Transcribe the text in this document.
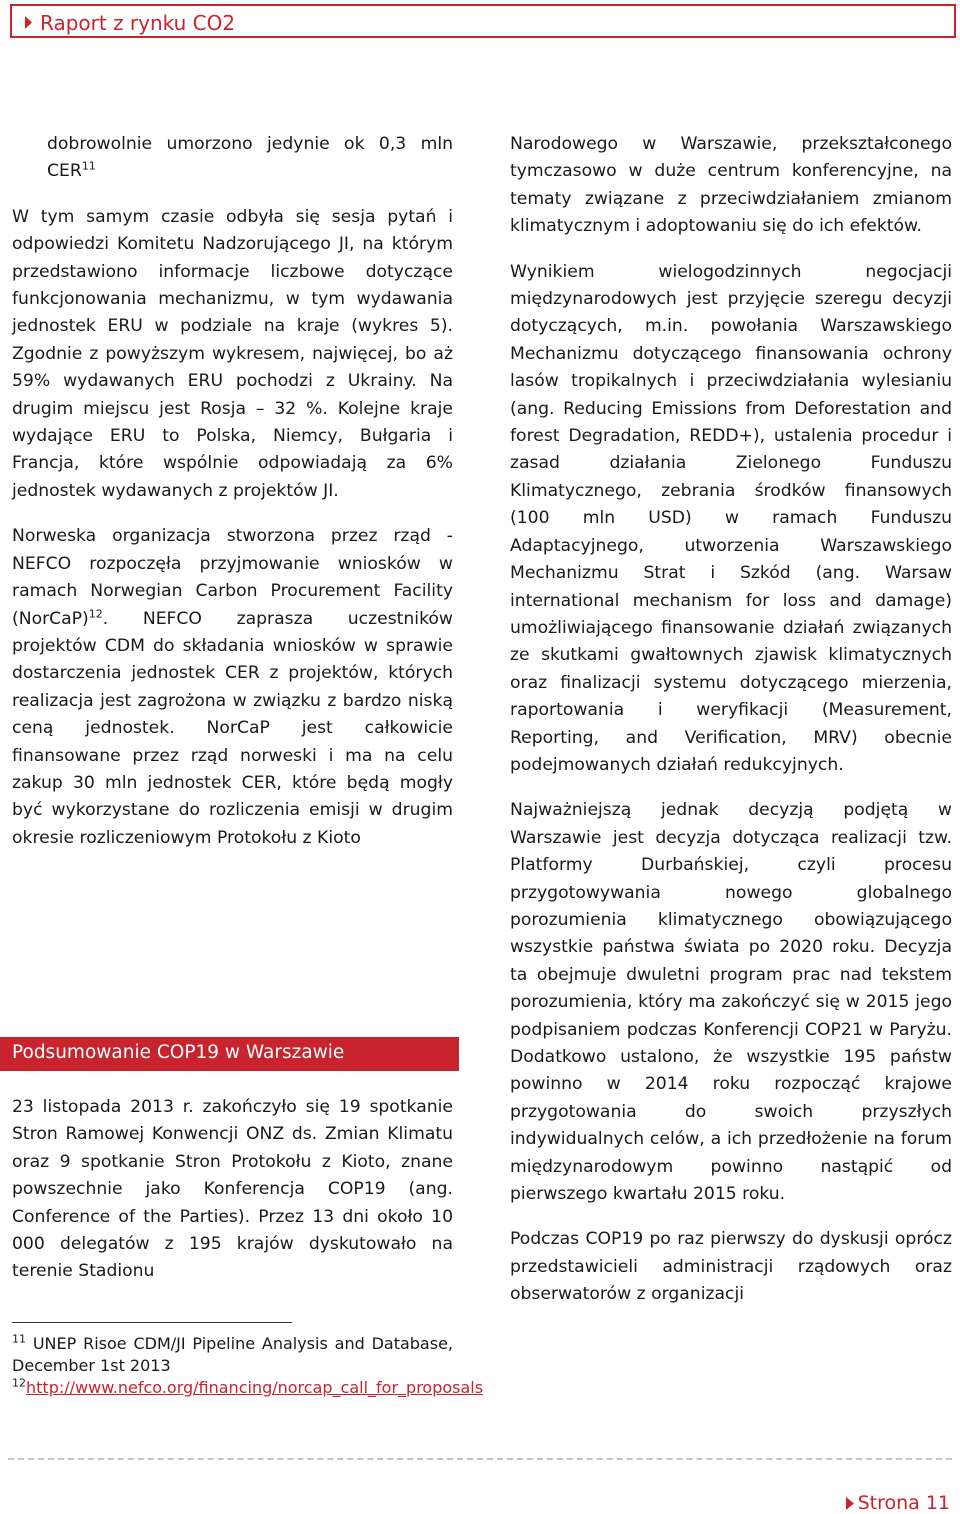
Raport z rynku CO2

dobrowolnie umorzono jedynie ok 0,3 mln CER$^{11}$

W tym samym czasie odbyła się sesja pytań i odpowiedzi Komitetu Nadzorującego JI, na którym przedstawiono informacje liczbowe dotyczące funkcjonowania mechanizmu, w tym wydawania jednostek ERU w podziale na kraje (wykres 5). Zgodnie z powyższym wykresem, najwięcej, bo aż 59% wydawanych ERU pochodzi z Ukrainy. Na drugim miejscu jest Rosja – 32 %. Kolejne kraje wydające ERU to Polska, Niemcy, Bułgaria i Francja, które wspólnie odpowiadają za 6% jednostek wydawanych z projektów JI.

Norweska organizacja stworzona przez rząd - NEFCO rozpoczęła przyjmowanie wniosków w ramach Norwegian Carbon Procurement Facility (NorCaP)$^{12}$. NEFCO zaprasza uczestników projektów CDM do składania wniosków w sprawie dostarczenia jednostek CER z projektów, których realizacja jest zagrożona w związku z bardzo niską ceną jednostek. NorCaP jest całkowicie finansowane przez rząd norweski i ma na celu zakup 30 mln jednostek CER, które będą mogły być wykorzystane do rozliczenia emisji w drugim okresie rozliczeniowym Protokołu z Kioto

Podsumowanie COP19 w Warszawie

23 listopada 2013 r. zakończyło się 19 spotkanie Stron Ramowej Konwencji ONZ ds. Zmian Klimatu oraz 9 spotkanie Stron Protokołu z Kioto, znane powszechnie jako Konferencja COP19 (ang. Conference of the Parties). Przez 13 dni około 10 000 delegatów z 195 krajów dyskutowało na terenie Stadionu

$^{11}$ UNEP Risoe CDM/JI Pipeline Analysis and Database, December 1st 2013

$^{12}$http://www.nefco.org/financing/norcap_call_for_proposals

Narodowego w Warszawie, przekształconego tymczasowo w duże centrum konferencyjne, na tematy związane z przeciwdziałaniem zmianom klimatycznym i adoptowaniu się do ich efektów.

Wynikiem wielogodzinnych negocjacji międzynarodowych jest przyjęcie szeregu decyzji dotyczących, m.in. powołania Warszawskiego Mechanizmu dotyczącego finansowania ochrony lasów tropikalnych i przeciwdziałania wylesianiu (ang. Reducing Emissions from Deforestation and forest Degradation, REDD+), ustalenia procedur i zasad działania Zielonego Funduszu Klimatycznego, zebrania środków finansowych (100 mln USD) w ramach Funduszu Adaptacyjnego, utworzenia Warszawskiego Mechanizmu Strat i Szkód (ang. Warsaw international mechanism for loss and damage) umożliwiającego finansowanie działań związanych ze skutkami gwałtownych zjawisk klimatycznych oraz finalizacji systemu dotyczącego mierzenia, raportowania i weryfikacji (Measurement, Reporting, and Verification, MRV) obecnie podejmowanych działań redukcyjnych.

Najważniejszą jednak decyzją podjętą w Warszawie jest decyzja dotycząca realizacji tzw. Platformy Durbańskiej, czyli procesu przygotowywania nowego globalnego porozumienia klimatycznego obowiązującego wszystkie państwa świata po 2020 roku. Decyzja ta obejmuje dwuletni program prac nad tekstem porozumienia, który ma zakończyć się w 2015 jego podpisaniem podczas Konferencji COP21 w Paryżu. Dodatkowo ustalono, że wszystkie 195 państw powinno w 2014 roku rozpocząć krajowe przygotowania do swoich przyszłych indywidualnych celów, a ich przedłożenie na forum międzynarodowym powinno nastąpić od pierwszego kwartału 2015 roku.

Podczas COP19 po raz pierwszy do dyskusji oprócz przedstawicieli administracji rządowych oraz obserwatorów z organizacji

Strona 11
